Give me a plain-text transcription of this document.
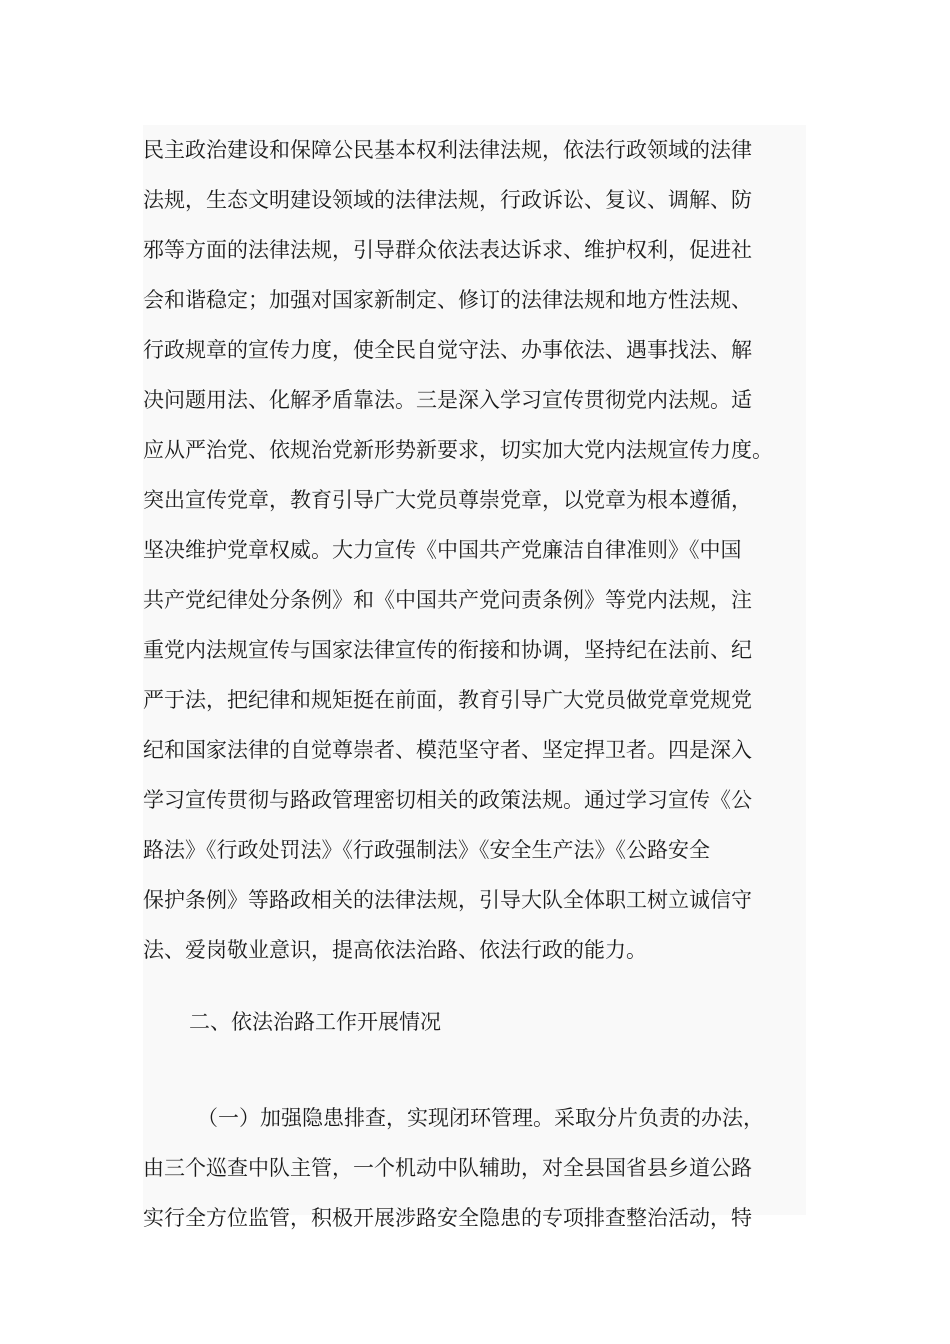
民主政治建设和保障公民基本权利法律法规，依法行政领域的法律
法规，生态文明建设领域的法律法规，行政诉讼、复议、调解、防
邪等方面的法律法规，引导群众依法表达诉求、维护权利，促进社
会和谐稳定；加强对国家新制定、修订的法律法规和地方性法规、
行政规章的宣传力度，使全民自觉守法、办事依法、遇事找法、解
决问题用法、化解矛盾靠法。三是深入学习宣传贯彻党内法规。适
应从严治党、依规治党新形势新要求，切实加大党内法规宣传力度。
突出宣传党章，教育引导广大党员尊崇党章，以党章为根本遵循，
坚决维护党章权威。大力宣传《中国共产党廉洁自律准则》《中国
共产党纪律处分条例》和《中国共产党问责条例》等党内法规，注
重党内法规宣传与国家法律宣传的衔接和协调，坚持纪在法前、纪
严于法，把纪律和规矩挺在前面，教育引导广大党员做党章党规党
纪和国家法律的自觉尊崇者、模范坚守者、坚定捍卫者。四是深入
学习宣传贯彻与路政管理密切相关的政策法规。通过学习宣传《公
路法》《行政处罚法》《行政强制法》《安全生产法》《公路安全
保护条例》等路政相关的法律法规，引导大队全体职工树立诚信守
法、爱岗敬业意识，提高依法治路、依法行政的能力。
二、依法治路工作开展情况
（一）加强隐患排查，实现闭环管理。采取分片负责的办法，
由三个巡查中队主管，一个机动中队辅助，对全县国省县乡道公路
实行全方位监管，积极开展涉路安全隐患的专项排查整治活动，特
